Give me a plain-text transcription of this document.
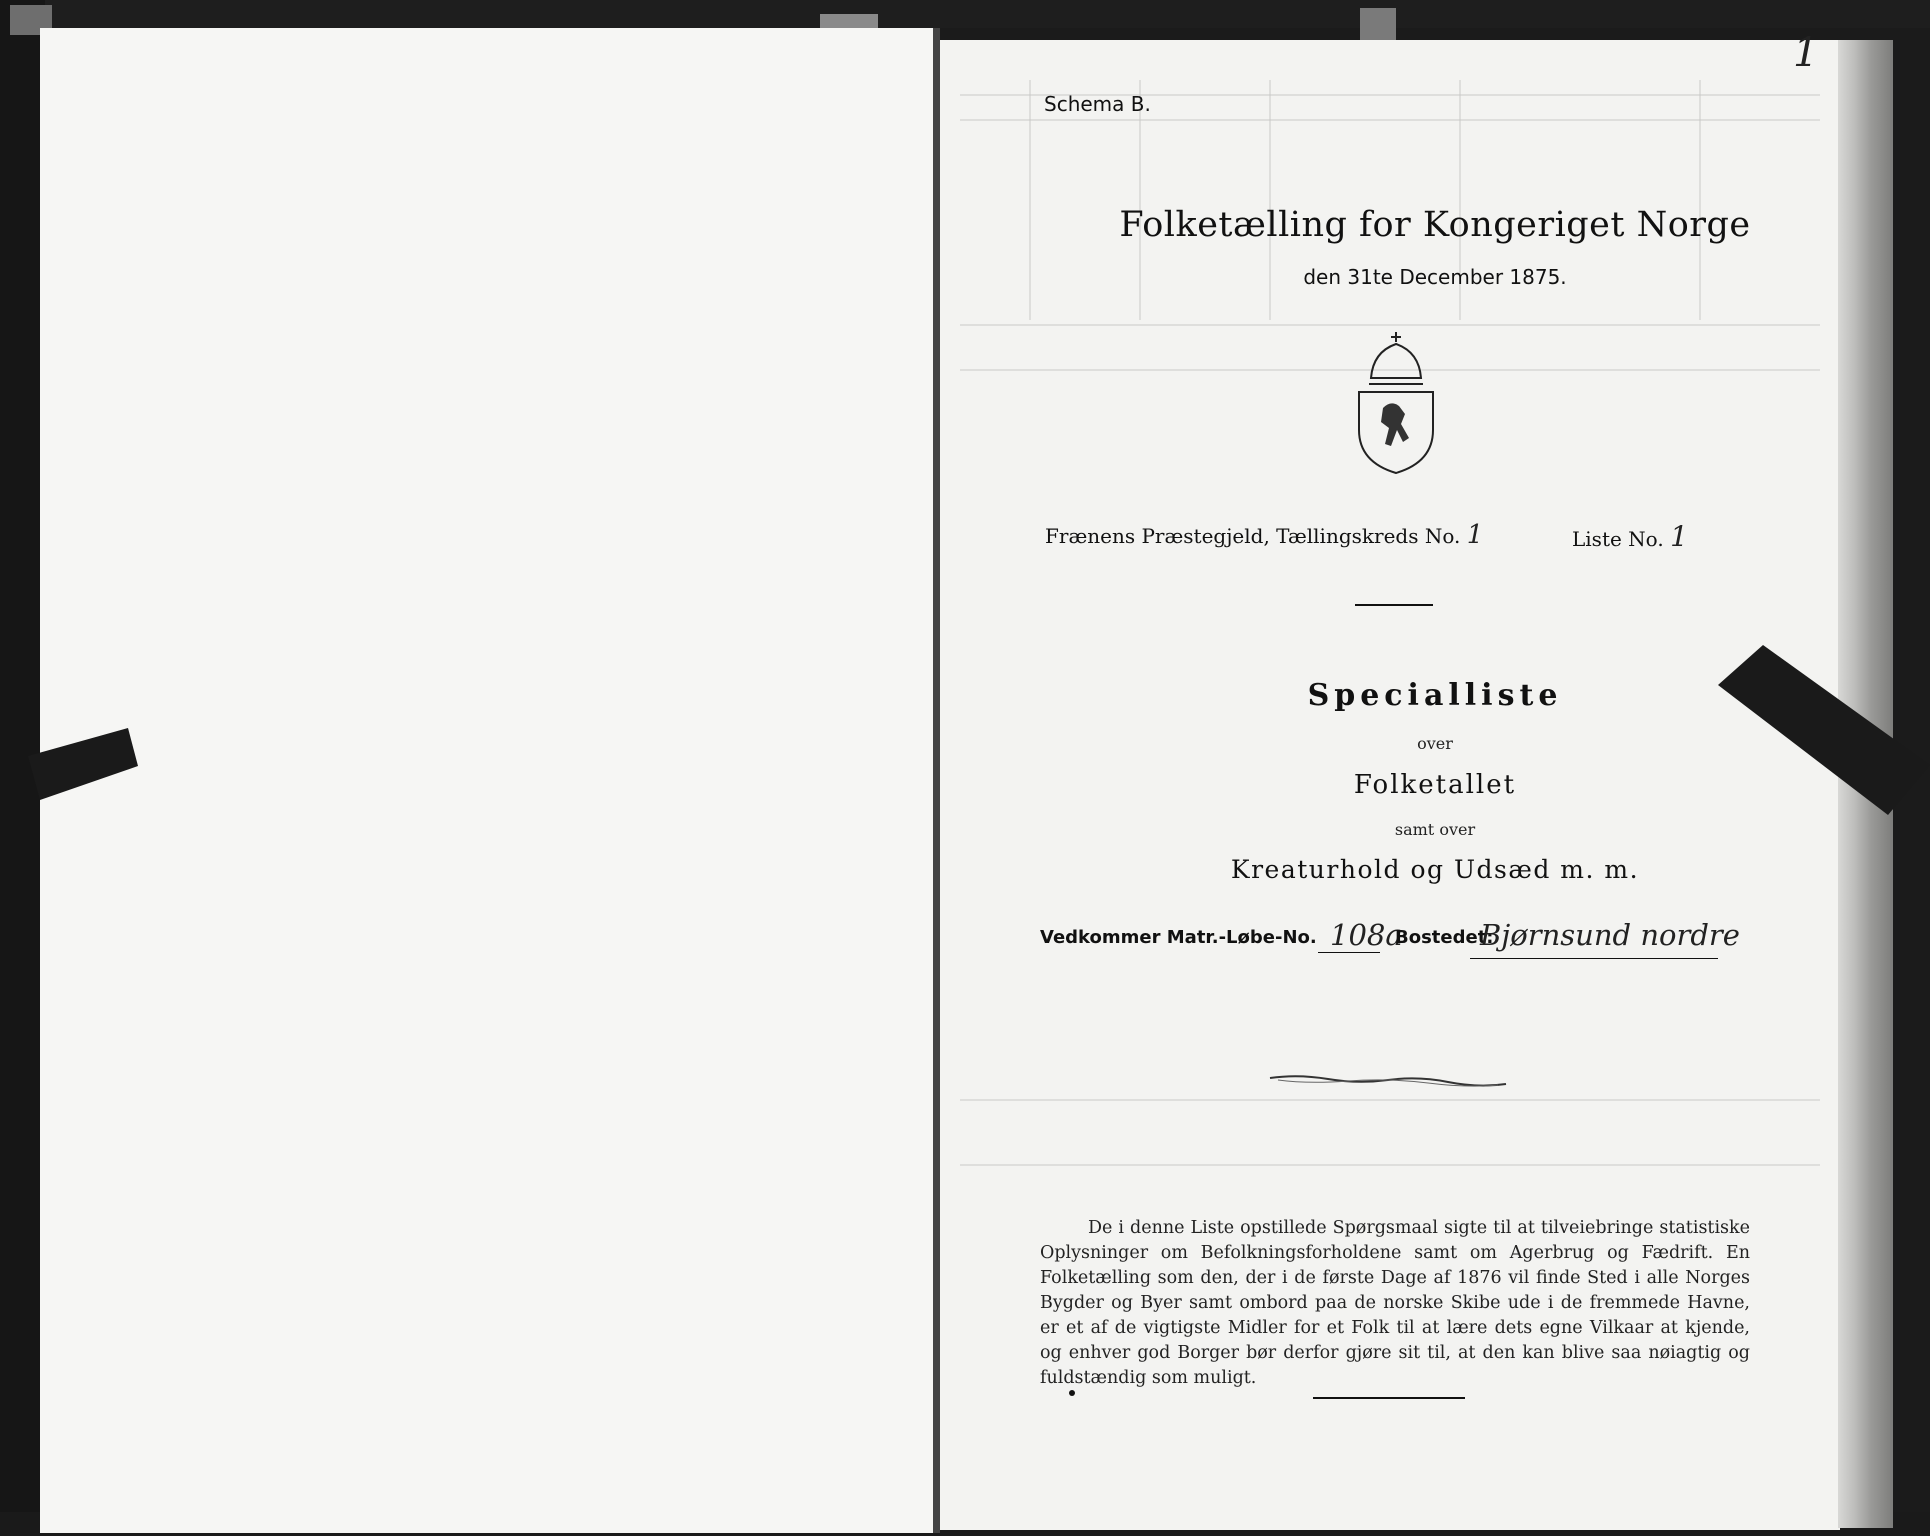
1
Schema B.
Folketælling for Kongeriget Norge
den 31te December 1875.
Frænens Præstegjeld, Tællingskreds No. 1	Liste No. 1
Specialliste
over
Folketallet
samt over
Kreaturhold og Udsæd m. m.
Vedkommer Matr.-Løbe-No. 108a
Bostedet:
Bjørnsund nordre
De i denne Liste opstillede Spørgsmaal sigte til at tilveiebringe statistiske Oplysninger om Befolkningsforholdene samt om Agerbrug og Fædrift. En Folketælling som den, der i de første Dage af 1876 vil finde Sted i alle Norges Bygder og Byer samt ombord paa de norske Skibe ude i de fremmede Havne, er et af de vigtigste Midler for et Folk til at lære dets egne Vilkaar at kjende, og enhver god Borger bør derfor gjøre sit til, at den kan blive saa nøiagtig og fuldstændig som muligt.
